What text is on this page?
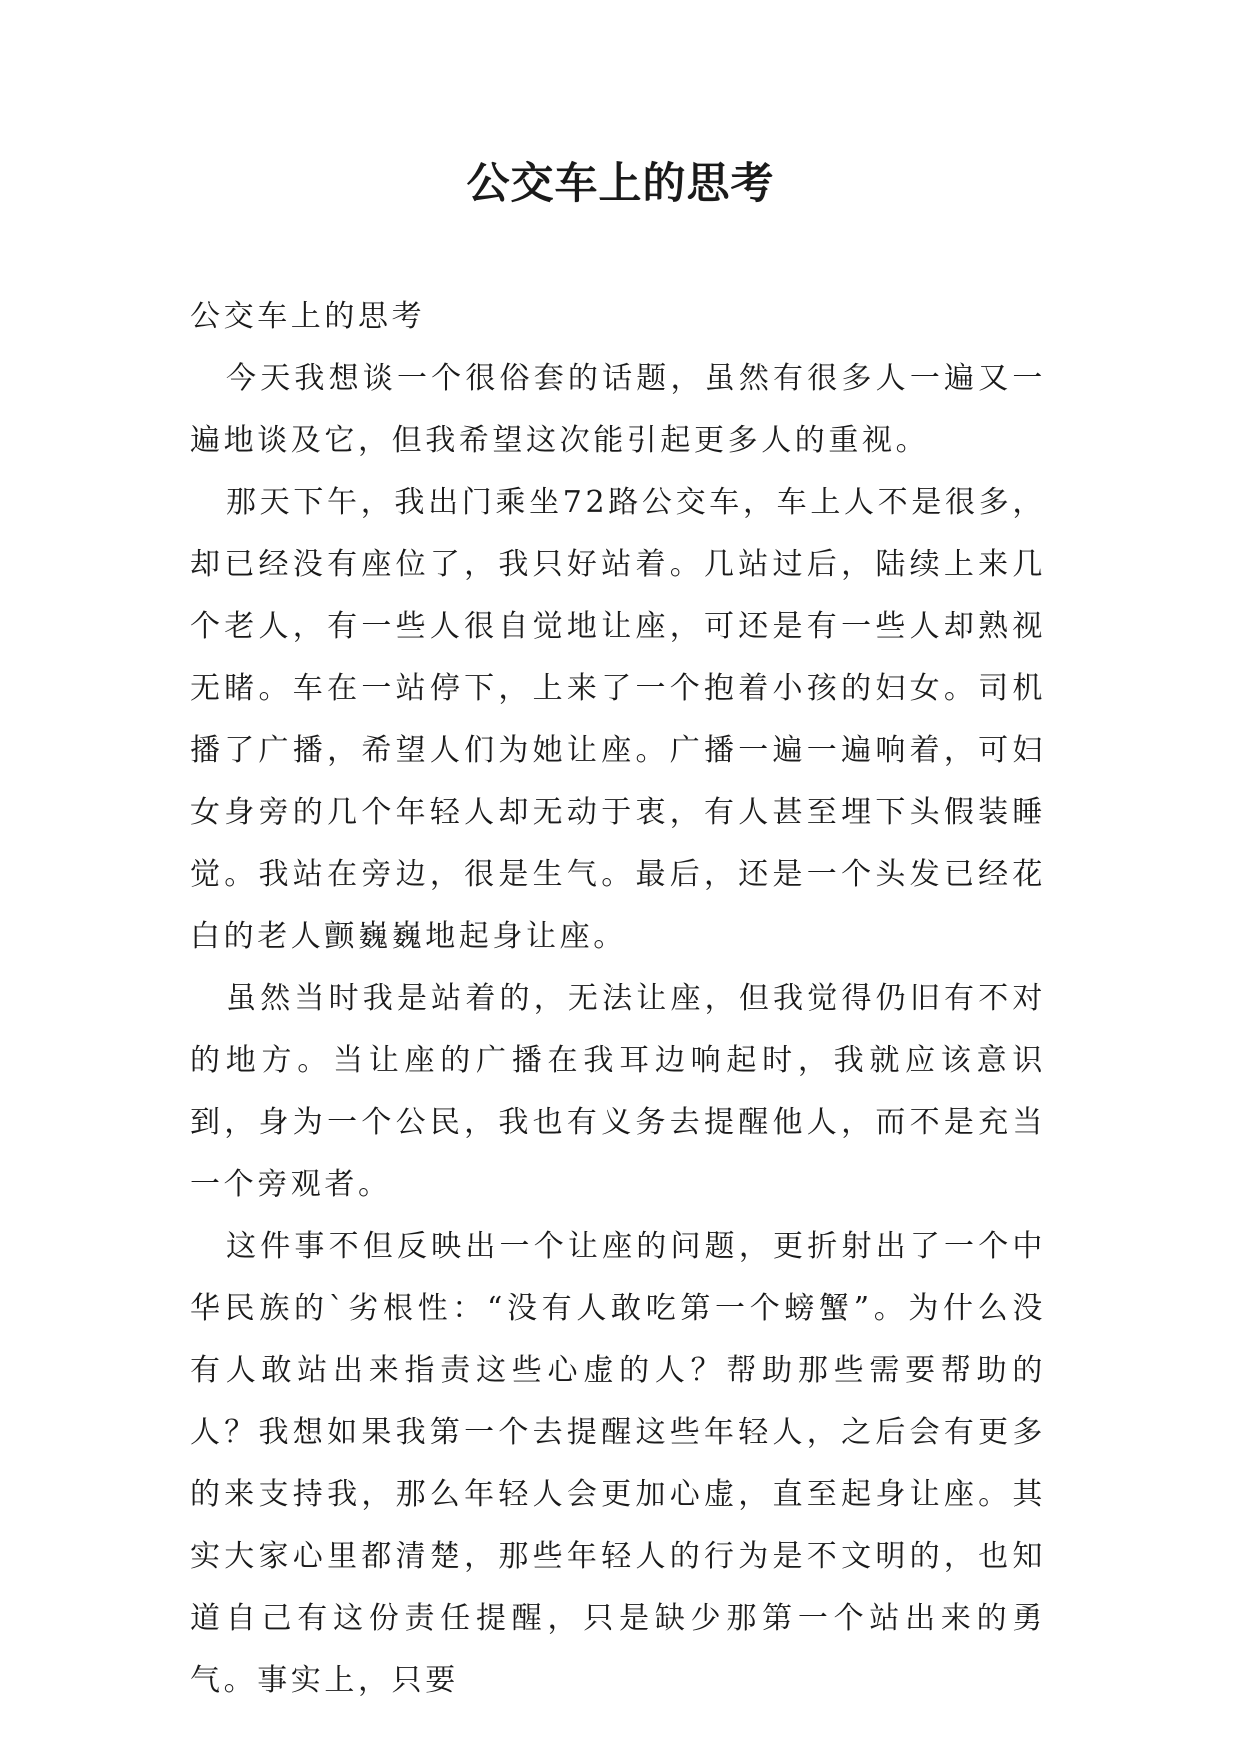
公交车上的思考

公交车上的思考

今天我想谈一个很俗套的话题，虽然有很多人一遍又一遍地谈及它，但我希望这次能引起更多人的重视。

那天下午，我出门乘坐72路公交车，车上人不是很多，却已经没有座位了，我只好站着。几站过后，陆续上来几个老人，有一些人很自觉地让座，可还是有一些人却熟视无睹。车在一站停下，上来了一个抱着小孩的妇女。司机播了广播，希望人们为她让座。广播一遍一遍响着，可妇女身旁的几个年轻人却无动于衷，有人甚至埋下头假装睡觉。我站在旁边，很是生气。最后，还是一个头发已经花白的老人颤巍巍地起身让座。

虽然当时我是站着的，无法让座，但我觉得仍旧有不对的地方。当让座的广播在我耳边响起时，我就应该意识到，身为一个公民，我也有义务去提醒他人，而不是充当一个旁观者。

这件事不但反映出一个让座的问题，更折射出了一个中华民族的`劣根性：“没有人敢吃第一个螃蟹”。为什么没有人敢站出来指责这些心虚的人？帮助那些需要帮助的人？我想如果我第一个去提醒这些年轻人，之后会有更多的来支持我，那么年轻人会更加心虚，直至起身让座。其实大家心里都清楚，那些年轻人的行为是不文明的，也知道自己有这份责任提醒，只是缺少那第一个站出来的勇气。事实上，只要
